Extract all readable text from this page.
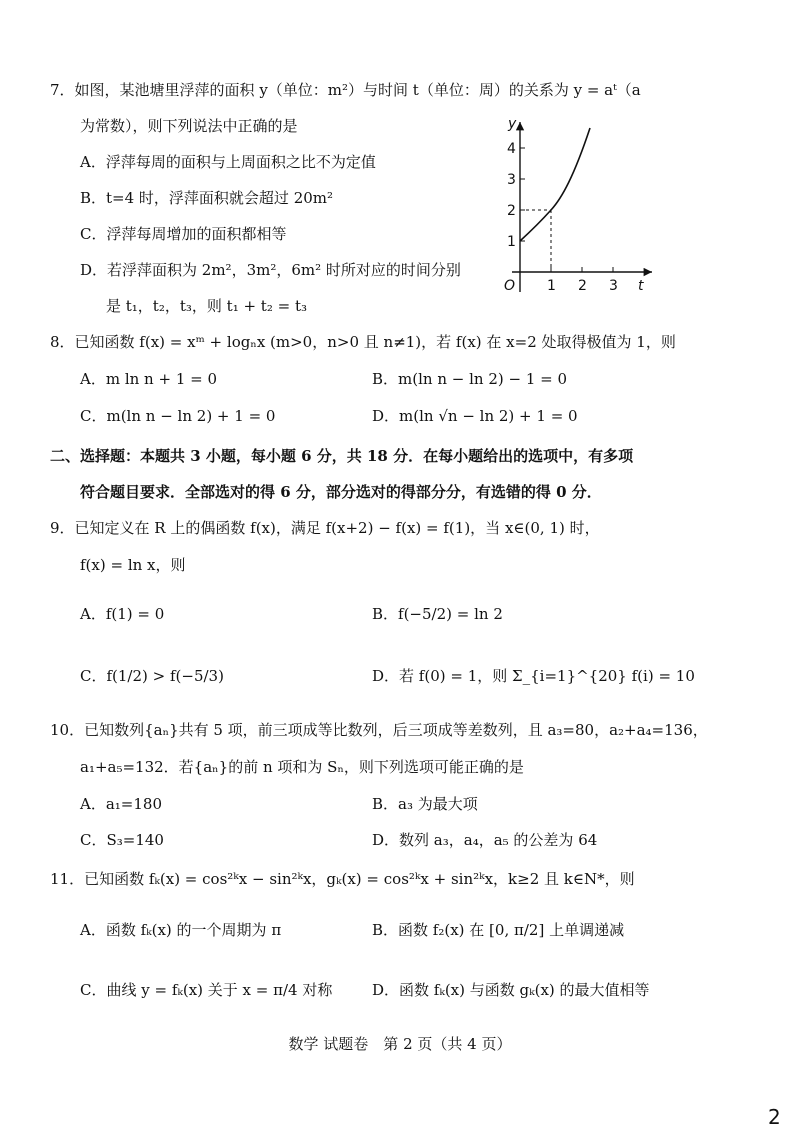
7．如图，某池塘里浮萍的面积 y（单位：m²）与时间 t（单位：周）的关系为 y = aᵗ（a
为常数），则下列说法中正确的是
A．浮萍每周的面积与上周面积之比不为定值
B．t=4 时，浮萍面积就会超过 20m²
C．浮萍每周增加的面积都相等
D．若浮萍面积为 2m²，3m²，6m² 时所对应的时间分别
是 t₁，t₂，t₃，则 t₁ + t₂ = t₃
y
t
O
1
2
3
4
1 2 3
8．已知函数 f(x) = xᵐ + logₙx (m>0，n>0 且 n≠1)，若 f(x) 在 x=2 处取得极值为 1，则
A．m ln n + 1 = 0	B．m(ln n − ln 2) − 1 = 0
C．m(ln n − ln 2) + 1 = 0	D．m(ln √n − ln 2) + 1 = 0
二、选择题：本题共 3 小题，每小题 6 分，共 18 分．在每小题给出的选项中，有多项
符合题目要求．全部选对的得 6 分，部分选对的得部分分，有选错的得 0 分．
9．已知定义在 R 上的偶函数 f(x)，满足 f(x+2) − f(x) = f(1)，当 x∈(0, 1) 时，
f(x) = ln x，则
A．f(1) = 0	B．f(−5/2) = ln 2
C．f(1/2) > f(−5/3)	D．若 f(0) = 1，则 Σ_{i=1}^{20} f(i) = 10
10．已知数列{aₙ}共有 5 项，前三项成等比数列，后三项成等差数列，且 a₃=80，a₂+a₄=136，
a₁+a₅=132．若{aₙ}的前 n 项和为 Sₙ，则下列选项可能正确的是
A．a₁=180	B．a₃ 为最大项
C．S₃=140	D．数列 a₃，a₄，a₅ 的公差为 64
11．已知函数 fₖ(x) = cos²ᵏx − sin²ᵏx，gₖ(x) = cos²ᵏx + sin²ᵏx，k≥2 且 k∈N*，则
A．函数 fₖ(x) 的一个周期为 π	B．函数 f₂(x) 在 [0, π/2] 上单调递减
C．曲线 y = fₖ(x) 关于 x = π/4 对称	D．函数 fₖ(x) 与函数 gₖ(x) 的最大值相等
数学 试题卷　第 2 页（共 4 页）
2
